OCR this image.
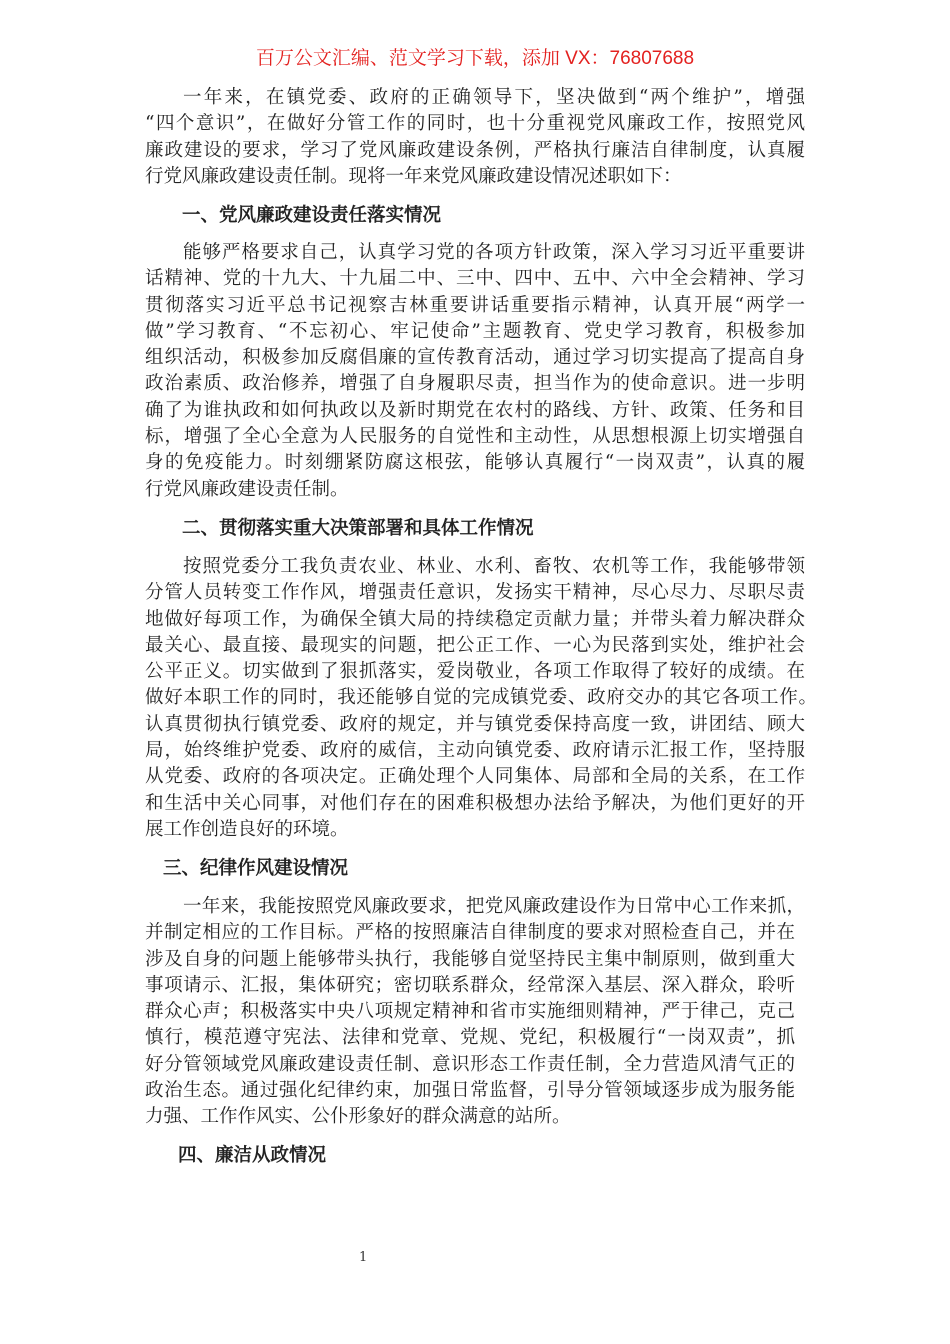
百万公文汇编、范文学习下载，添加 VX：76807688
一年来，在镇党委、政府的正确领导下，坚决做到“两个维护”，增强
“四个意识”，在做好分管工作的同时，也十分重视党风廉政工作，按照党风
廉政建设的要求，学习了党风廉政建设条例，严格执行廉洁自律制度，认真履
行党风廉政建设责任制。现将一年来党风廉政建设情况述职如下：
一、党风廉政建设责任落实情况
能够严格要求自己，认真学习党的各项方针政策，深入学习习近平重要讲
话精神、党的十九大、十九届二中、三中、四中、五中、六中全会精神、学习
贯彻落实习近平总书记视察吉林重要讲话重要指示精神，认真开展“两学一
做”学习教育、“不忘初心、牢记使命”主题教育、党史学习教育，积极参加
组织活动，积极参加反腐倡廉的宣传教育活动，通过学习切实提高了提高自身
政治素质、政治修养，增强了自身履职尽责，担当作为的使命意识。进一步明
确了为谁执政和如何执政以及新时期党在农村的路线、方针、政策、任务和目
标，增强了全心全意为人民服务的自觉性和主动性，从思想根源上切实增强自
身的免疫能力。时刻绷紧防腐这根弦，能够认真履行“一岗双责”，认真的履
行党风廉政建设责任制。
二、贯彻落实重大决策部署和具体工作情况
按照党委分工我负责农业、林业、水利、畜牧、农机等工作，我能够带领
分管人员转变工作作风，增强责任意识，发扬实干精神，尽心尽力、尽职尽责
地做好每项工作，为确保全镇大局的持续稳定贡献力量；并带头着力解决群众
最关心、最直接、最现实的问题，把公正工作、一心为民落到实处，维护社会
公平正义。切实做到了狠抓落实，爱岗敬业，各项工作取得了较好的成绩。在
做好本职工作的同时，我还能够自觉的完成镇党委、政府交办的其它各项工作。
认真贯彻执行镇党委、政府的规定，并与镇党委保持高度一致，讲团结、顾大
局，始终维护党委、政府的威信，主动向镇党委、政府请示汇报工作，坚持服
从党委、政府的各项决定。正确处理个人同集体、局部和全局的关系，在工作
和生活中关心同事，对他们存在的困难积极想办法给予解决，为他们更好的开
展工作创造良好的环境。
三、纪律作风建设情况
一年来，我能按照党风廉政要求，把党风廉政建设作为日常中心工作来抓，
并制定相应的工作目标。严格的按照廉洁自律制度的要求对照检查自己，并在
涉及自身的问题上能够带头执行，我能够自觉坚持民主集中制原则，做到重大
事项请示、汇报，集体研究；密切联系群众，经常深入基层、深入群众，聆听
群众心声；积极落实中央八项规定精神和省市实施细则精神，严于律己，克己
慎行，模范遵守宪法、法律和党章、党规、党纪，积极履行“一岗双责”，抓
好分管领域党风廉政建设责任制、意识形态工作责任制，全力营造风清气正的
政治生态。通过强化纪律约束，加强日常监督，引导分管领域逐步成为服务能
力强、工作作风实、公仆形象好的群众满意的站所。
四、廉洁从政情况
1
